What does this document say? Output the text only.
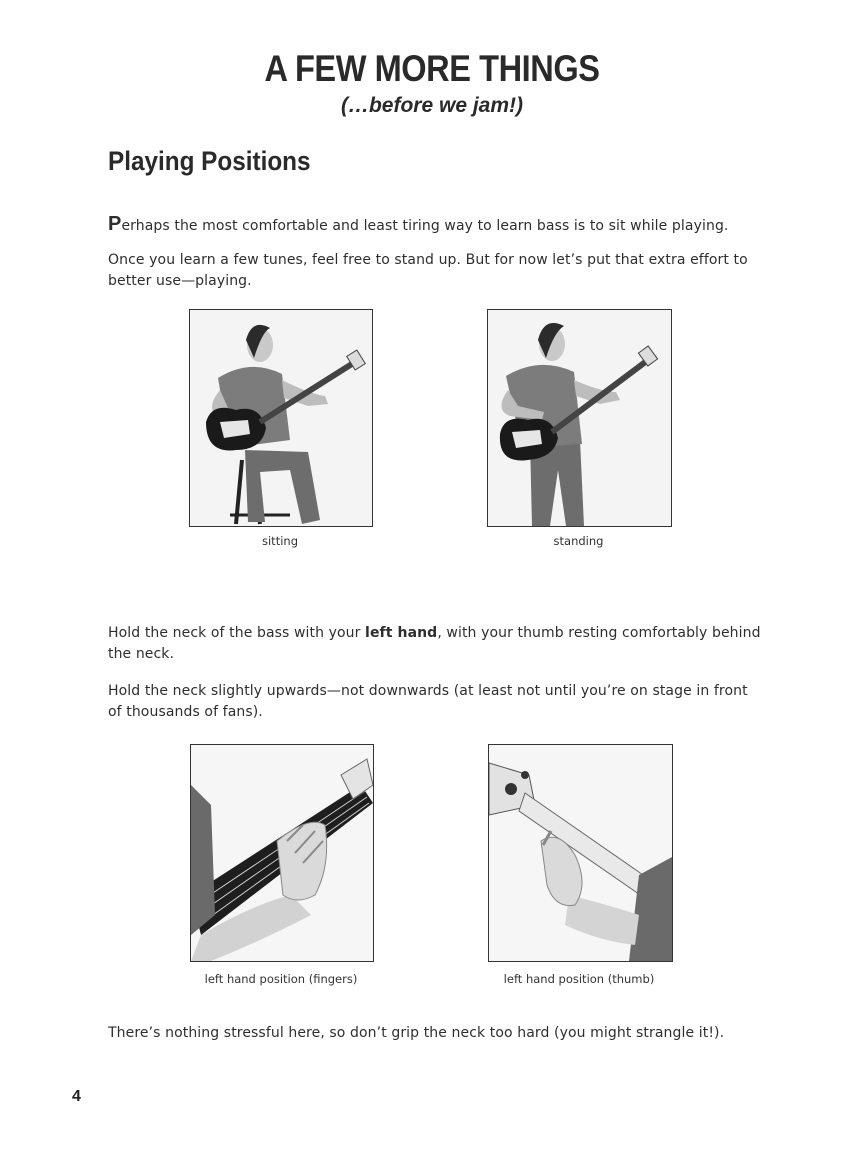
A FEW MORE THINGS
(…before we jam!)
Playing Positions
Perhaps the most comfortable and least tiring way to learn bass is to sit while playing.
Once you learn a few tunes, feel free to stand up. But for now let’s put that extra effort to better use—playing.
sitting	standing
Hold the neck of the bass with your left hand, with your thumb resting comfortably behind the neck.
Hold the neck slightly upwards—not downwards (at least not until you’re on stage in front of thousands of fans).
left hand position (fingers)	left hand position (thumb)
There’s nothing stressful here, so don’t grip the neck too hard (you might strangle it!).
4
